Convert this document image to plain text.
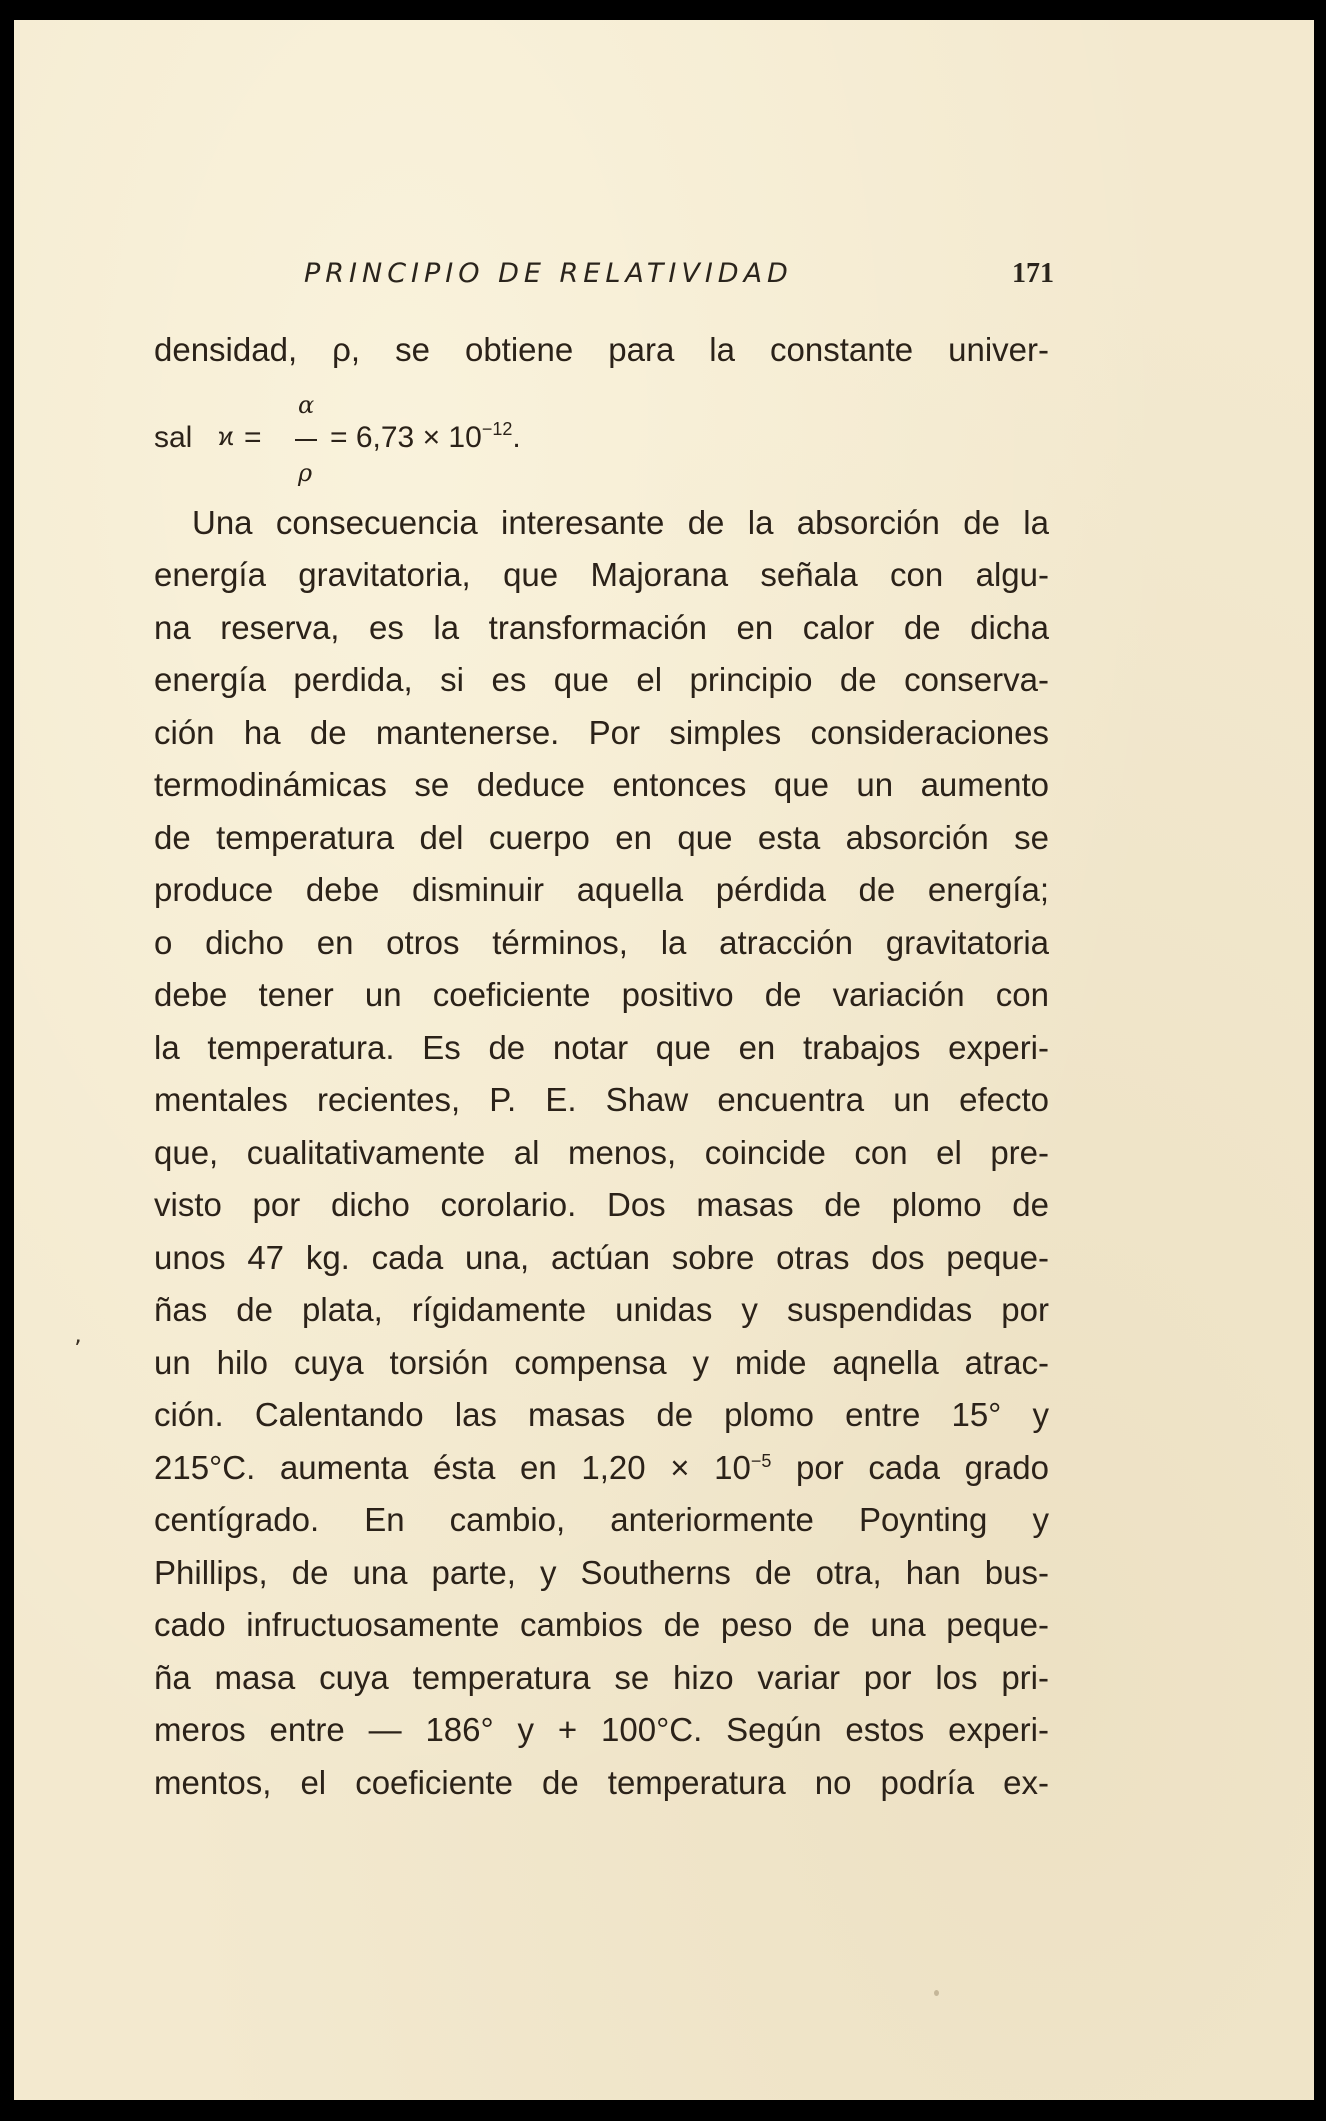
PRINCIPIO DE RELATIVIDAD	171
ʼ
densidad, ρ, se obtiene para la constante univer-
sal ϰ =
α
ρ
= $6,73 \times 10^{-12}$.
Una consecuencia interesante de la absorción de la
energía gravitatoria, que Majorana señala con algu-
na reserva, es la transformación en calor de dicha
energía perdida, si es que el principio de conserva-
ción ha de mantenerse. Por simples consideraciones
termodinámicas se deduce entonces que un aumento
de temperatura del cuerpo en que esta absorción se
produce debe disminuir aquella pérdida de energía;
o dicho en otros términos, la atracción gravitatoria
debe tener un coeficiente positivo de variación con
la temperatura. Es de notar que en trabajos experi-
mentales recientes, P. E. Shaw encuentra un efecto
que, cualitativamente al menos, coincide con el pre-
visto por dicho corolario. Dos masas de plomo de
unos 47 kg. cada una, actúan sobre otras dos peque-
ñas de plata, rígidamente unidas y suspendidas por
un hilo cuya torsión compensa y mide aqnella atrac-
ción. Calentando las masas de plomo entre 15° y
215°C. aumenta ésta en $1,20 \times 10^{-5}$ por cada grado
centígrado. En cambio, anteriormente Poynting y
Phillips, de una parte, y Southerns de otra, han bus-
cado infructuosamente cambios de peso de una peque-
ña masa cuya temperatura se hizo variar por los pri-
meros entre — 186° y + 100°C. Según estos experi-
mentos, el coeficiente de temperatura no podría ex-
